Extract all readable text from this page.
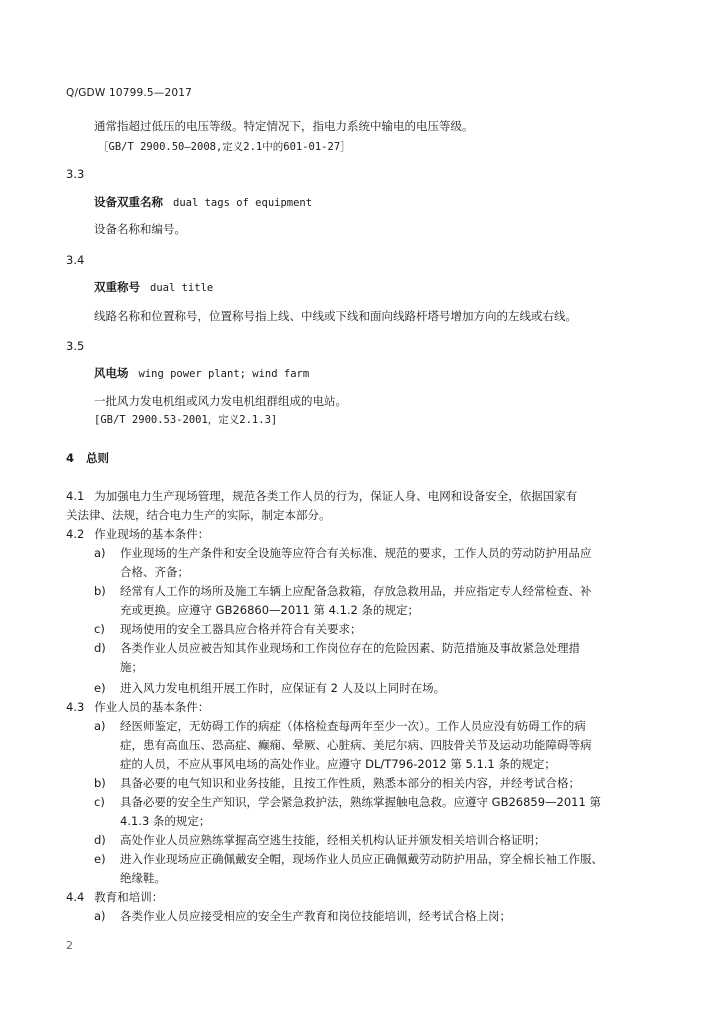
Q/GDW 10799.5—2017
通常指超过低压的电压等级。特定情况下，指电力系统中输电的电压等级。
［GB/T 2900.50—2008,定义2.1中的601-01-27］
3.3
设备双重名称 dual tags of equipment
设备名称和编号。
3.4
双重称号 dual title
线路名称和位置称号，位置称号指上线、中线或下线和面向线路杆塔号增加方向的左线或右线。
3.5
风电场 wing power plant; wind farm
一批风力发电机组或风力发电机组群组成的电站。
[GB/T 2900.53-2001，定义2.1.3]
4 总则
4.1 为加强电力生产现场管理，规范各类工作人员的行为，保证人身、电网和设备安全，依据国家有
关法律、法规，结合电力生产的实际，制定本部分。
4.2 作业现场的基本条件：
a) 作业现场的生产条件和安全设施等应符合有关标准、规范的要求，工作人员的劳动防护用品应
合格、齐备；
b) 经常有人工作的场所及施工车辆上应配备急救箱，存放急救用品，并应指定专人经常检查、补
充或更换。应遵守 GB26860—2011 第 4.1.2 条的规定；
c) 现场使用的安全工器具应合格并符合有关要求；
d) 各类作业人员应被告知其作业现场和工作岗位存在的危险因素、防范措施及事故紧急处理措
施；
e) 进入风力发电机组开展工作时，应保证有 2 人及以上同时在场。
4.3 作业人员的基本条件：
a) 经医师鉴定，无妨碍工作的病症（体格检查每两年至少一次）。工作人员应没有妨碍工作的病
症，患有高血压、恐高症、癫痫、晕厥、心脏病、美尼尔病、四肢骨关节及运动功能障碍等病
症的人员，不应从事风电场的高处作业。应遵守 DL/T796-2012 第 5.1.1 条的规定；
b) 具备必要的电气知识和业务技能，且按工作性质，熟悉本部分的相关内容，并经考试合格；
c) 具备必要的安全生产知识，学会紧急救护法，熟练掌握触电急救。应遵守 GB26859—2011 第
4.1.3 条的规定；
d) 高处作业人员应熟练掌握高空逃生技能，经相关机构认证并颁发相关培训合格证明；
e) 进入作业现场应正确佩戴安全帽，现场作业人员应正确佩戴劳动防护用品，穿全棉长袖工作服、
绝缘鞋。
4.4 教育和培训：
a) 各类作业人员应接受相应的安全生产教育和岗位技能培训，经考试合格上岗；
2
